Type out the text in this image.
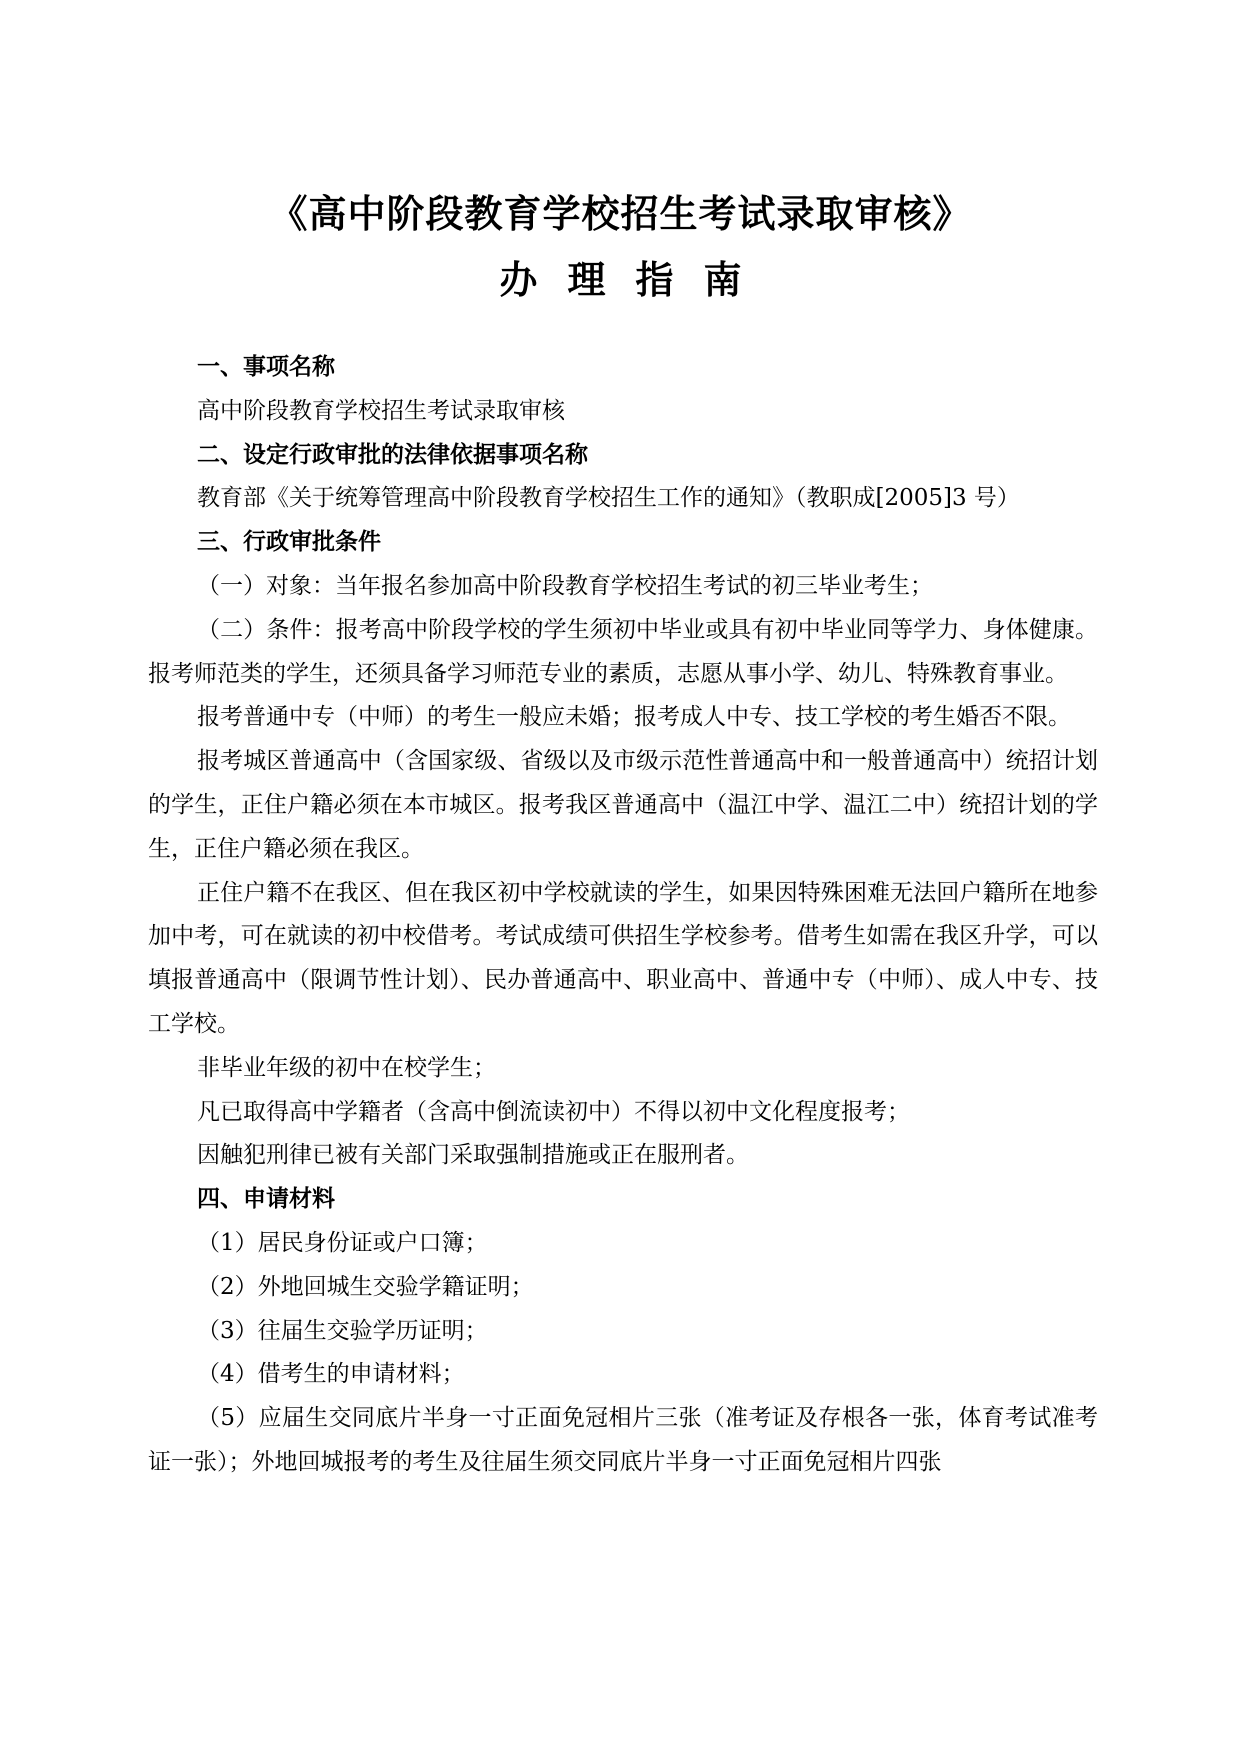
《高中阶段教育学校招生考试录取审核》
办理指南
一、事项名称

高中阶段教育学校招生考试录取审核

二、设定行政审批的法律依据事项名称

教育部《关于统筹管理高中阶段教育学校招生工作的通知》（教职成[2005]3 号）

三、行政审批条件

（一）对象：当年报名参加高中阶段教育学校招生考试的初三毕业考生；

（二）条件：报考高中阶段学校的学生须初中毕业或具有初中毕业同等学力、身体健康。报考师范类的学生，还须具备学习师范专业的素质，志愿从事小学、幼儿、特殊教育事业。

报考普通中专（中师）的考生一般应未婚；报考成人中专、技工学校的考生婚否不限。

报考城区普通高中（含国家级、省级以及市级示范性普通高中和一般普通高中）统招计划的学生，正住户籍必须在本市城区。报考我区普通高中（温江中学、温江二中）统招计划的学生，正住户籍必须在我区。

正住户籍不在我区、但在我区初中学校就读的学生，如果因特殊困难无法回户籍所在地参加中考，可在就读的初中校借考。考试成绩可供招生学校参考。借考生如需在我区升学，可以填报普通高中（限调节性计划）、民办普通高中、职业高中、普通中专（中师）、成人中专、技工学校。

非毕业年级的初中在校学生；

凡已取得高中学籍者（含高中倒流读初中）不得以初中文化程度报考；

因触犯刑律已被有关部门采取强制措施或正在服刑者。

四、申请材料

（1）居民身份证或户口簿；

（2）外地回城生交验学籍证明；

（3）往届生交验学历证明；

（4）借考生的申请材料；

（5）应届生交同底片半身一寸正面免冠相片三张（准考证及存根各一张，体育考试准考证一张）；外地回城报考的考生及往届生须交同底片半身一寸正面免冠相片四张
